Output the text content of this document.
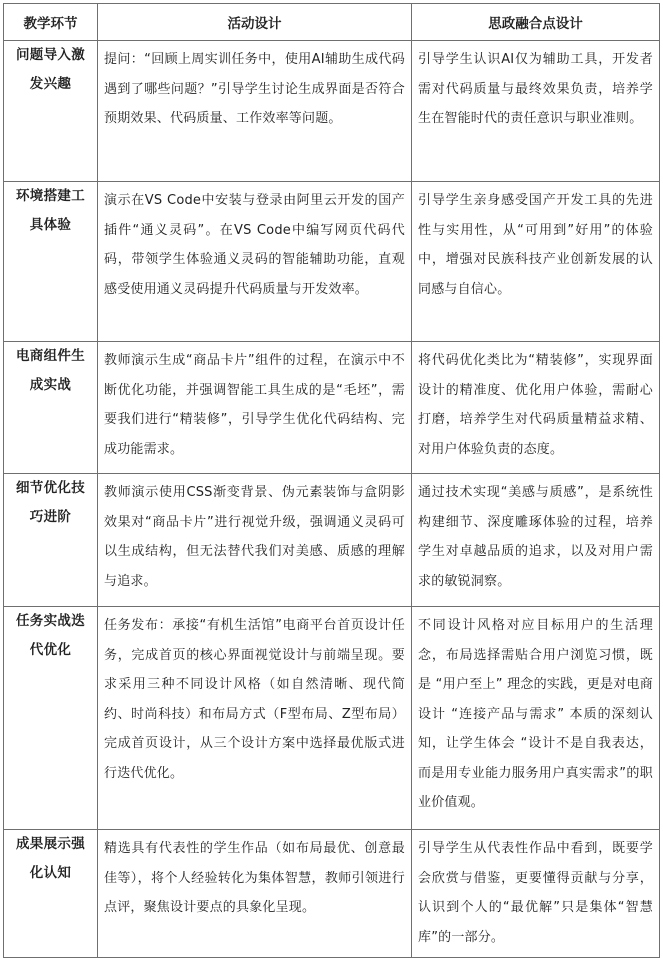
教学环节	活动设计	思政融合点设计

问题导入激发兴趣	提问：“回顾上周实训任务中，使用AI辅助生成代码遇到了哪些问题？”引导学生讨论生成界面是否符合预期效果、代码质量、工作效率等问题。	引导学生认识AI仅为辅助工具，开发者需对代码质量与最终效果负责，培养学生在智能时代的责任意识与职业准则。

环境搭建工具体验	演示在VS Code中安装与登录由阿里云开发的国产插件“通义灵码”。在VS Code中编写网页代码代码，带领学生体验通义灵码的智能辅助功能，直观感受使用通义灵码提升代码质量与开发效率。	引导学生亲身感受国产开发工具的先进性与实用性，从“可用到”好用”的体验中，增强对民族科技产业创新发展的认同感与自信心。

电商组件生成实战	教师演示生成“商品卡片”组件的过程，在演示中不断优化功能，并强调智能工具生成的是“毛坯”，需要我们进行“精装修”，引导学生优化代码结构、完成功能需求。	将代码优化类比为“精装修”，实现界面设计的精准度、优化用户体验，需耐心打磨，培养学生对代码质量精益求精、对用户体验负责的态度。

细节优化技巧进阶	教师演示使用CSS渐变背景、伪元素装饰与盒阴影效果对“商品卡片”进行视觉升级，强调通义灵码可以生成结构，但无法替代我们对美感、质感的理解与追求。	通过技术实现“美感与质感”，是系统性构建细节、深度雕琢体验的过程，培养学生对卓越品质的追求，以及对用户需求的敏锐洞察。

任务实战迭代优化	任务发布：承接“有机生活馆”电商平台首页设计任务，完成首页的核心界面视觉设计与前端呈现。要求采用三种不同设计风格（如自然清晰、现代简约、时尚科技）和布局方式（F型布局、Z型布局）完成首页设计，从三个设计方案中选择最优版式进行迭代优化。	不同设计风格对应目标用户的生活理念，布局选择需贴合用户浏览习惯，既是 “用户至上” 理念的实践，更是对电商设计 “连接产品与需求” 本质的深刻认知，让学生体会 “设计不是自我表达，而是用专业能力服务用户真实需求”的职业价值观。

成果展示强化认知	精选具有代表性的学生作品（如布局最优、创意最佳等），将个人经验转化为集体智慧，教师引领进行点评，聚焦设计要点的具象化呈现。	引导学生从代表性作品中看到，既要学会欣赏与借鉴，更要懂得贡献与分享，认识到个人的“最优解”只是集体“智慧库”的一部分。
